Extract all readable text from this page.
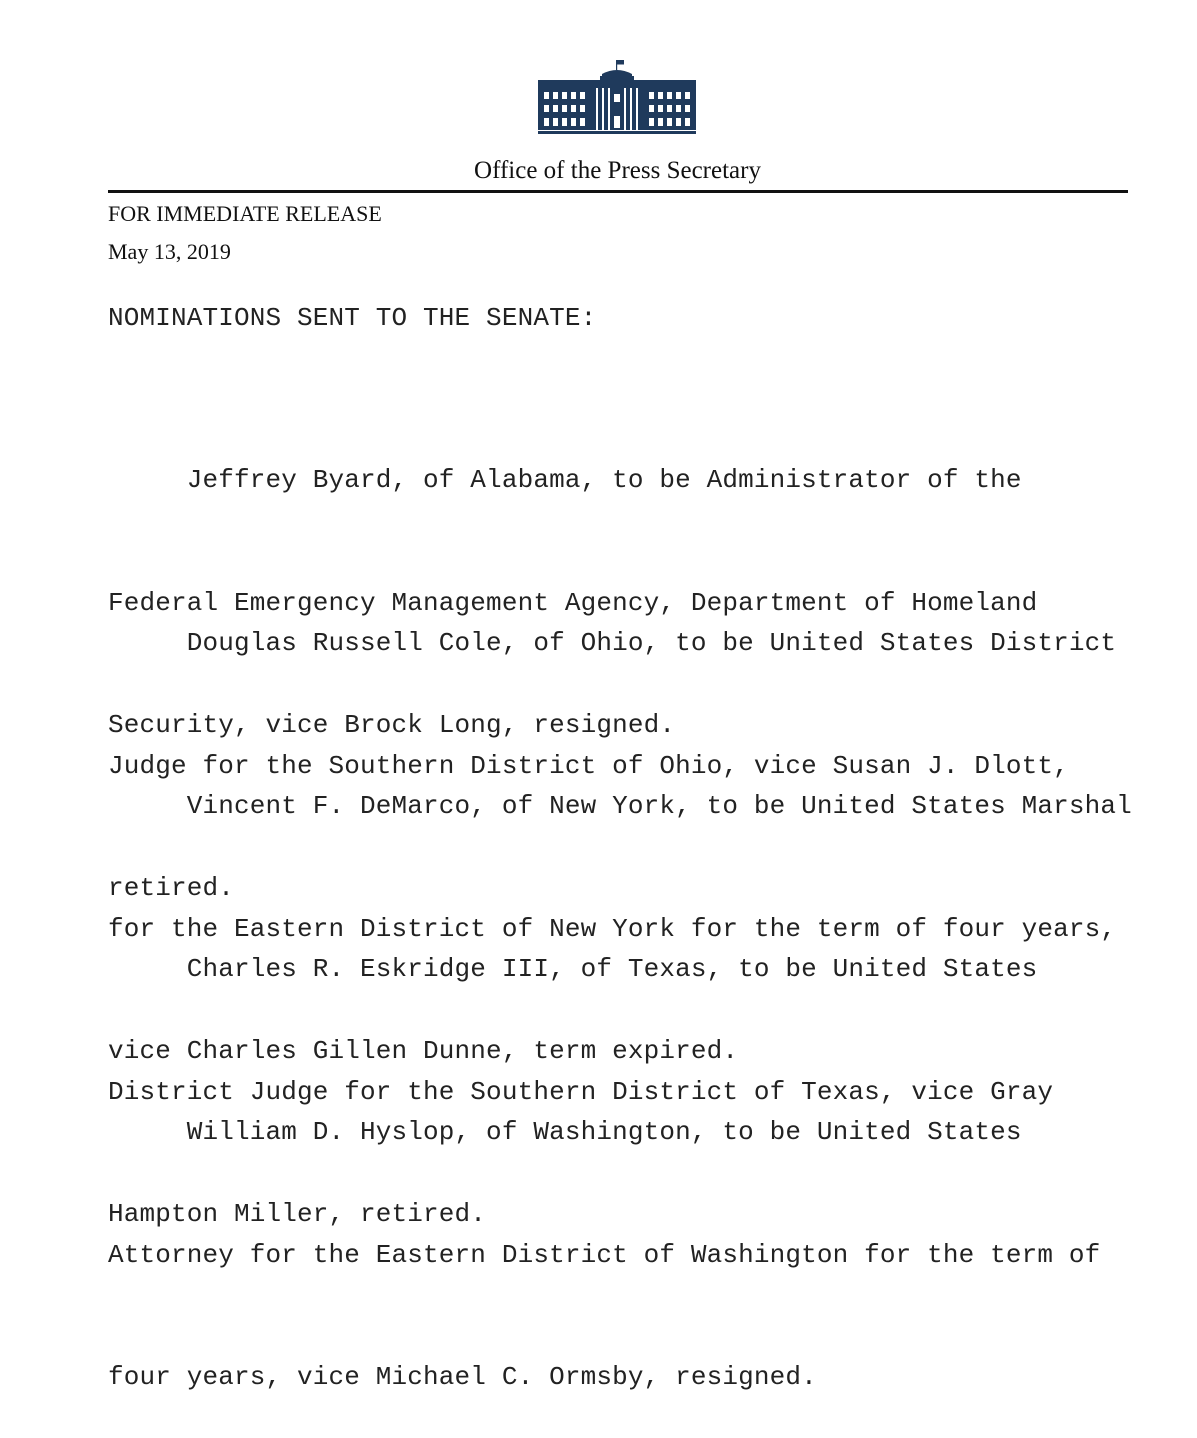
Office of the Press Secretary
FOR IMMEDIATE RELEASE
May 13, 2019
NOMINATIONS SENT TO THE SENATE:

Jeffrey Byard, of Alabama, to be Administrator of the

Federal Emergency Management Agency, Department of Homeland

Security, vice Brock Long, resigned.

Douglas Russell Cole, of Ohio, to be United States District

Judge for the Southern District of Ohio, vice Susan J. Dlott,

retired.

Vincent F. DeMarco, of New York, to be United States Marshal

for the Eastern District of New York for the term of four years,

vice Charles Gillen Dunne, term expired.

Charles R. Eskridge III, of Texas, to be United States

District Judge for the Southern District of Texas, vice Gray

Hampton Miller, retired.

William D. Hyslop, of Washington, to be United States

Attorney for the Eastern District of Washington for the term of

four years, vice Michael C. Ormsby, resigned.
